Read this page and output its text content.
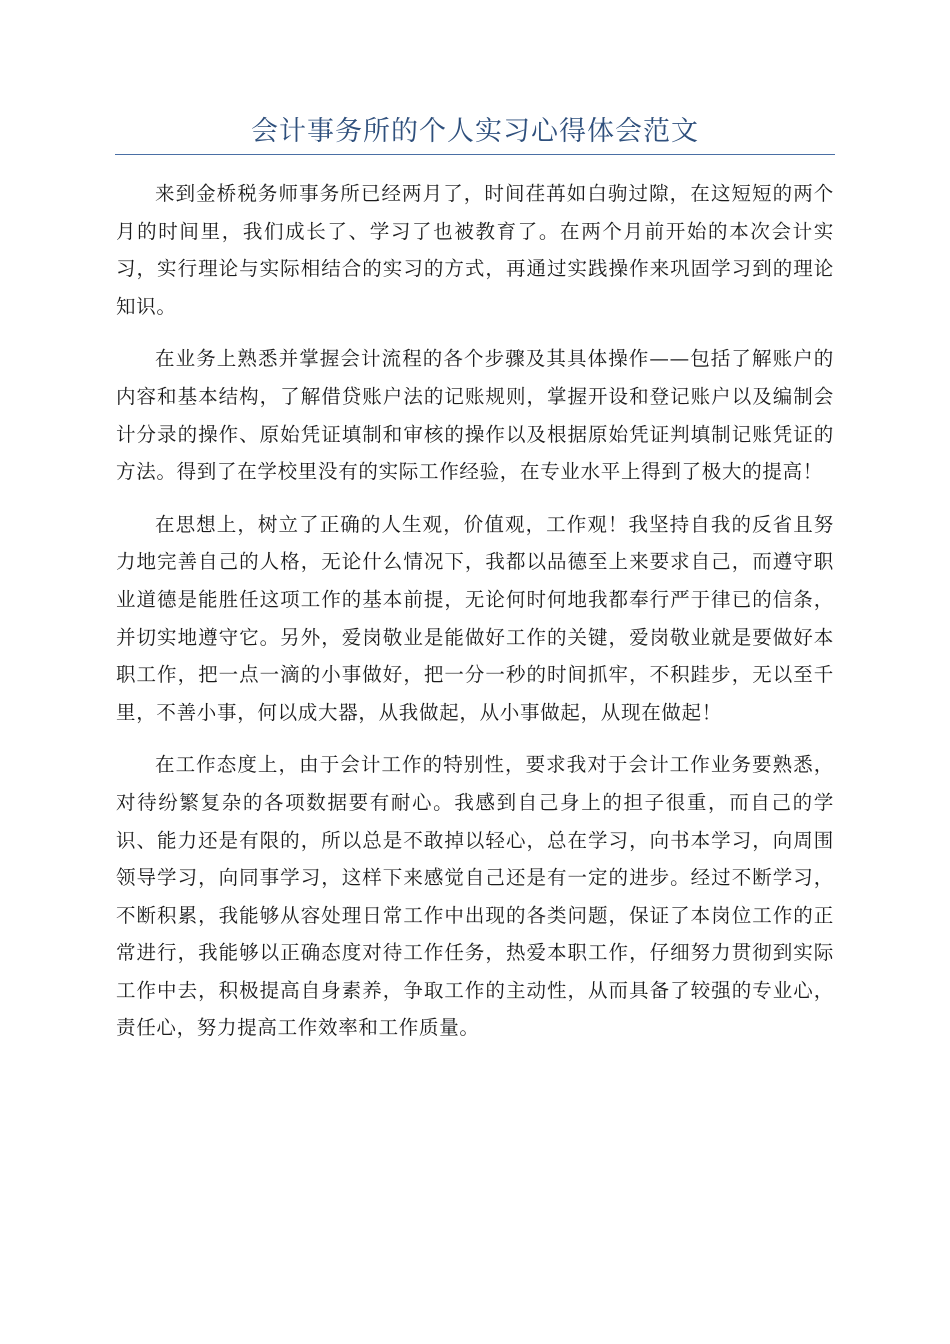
会计事务所的个人实习心得体会范文

来到金桥税务师事务所已经两月了，时间荏苒如白驹过隙，在这短短的两个月的时间里，我们成长了、学习了也被教育了。在两个月前开始的本次会计实习，实行理论与实际相结合的实习的方式，再通过实践操作来巩固学习到的理论知识。

在业务上熟悉并掌握会计流程的各个步骤及其具体操作——包括了解账户的内容和基本结构，了解借贷账户法的记账规则，掌握开设和登记账户以及编制会计分录的操作、原始凭证填制和审核的操作以及根据原始凭证判填制记账凭证的方法。得到了在学校里没有的实际工作经验，在专业水平上得到了极大的提高！

在思想上，树立了正确的人生观，价值观，工作观！我坚持自我的反省且努力地完善自己的人格，无论什么情况下，我都以品德至上来要求自己，而遵守职业道德是能胜任这项工作的基本前提，无论何时何地我都奉行严于律已的信条，并切实地遵守它。另外，爱岗敬业是能做好工作的关键，爱岗敬业就是要做好本职工作，把一点一滴的小事做好，把一分一秒的时间抓牢，不积跬步，无以至千里，不善小事，何以成大器，从我做起，从小事做起，从现在做起！

在工作态度上，由于会计工作的特别性，要求我对于会计工作业务要熟悉，对待纷繁复杂的各项数据要有耐心。我感到自己身上的担子很重，而自己的学识、能力还是有限的，所以总是不敢掉以轻心，总在学习，向书本学习，向周围领导学习，向同事学习，这样下来感觉自己还是有一定的进步。经过不断学习，不断积累，我能够从容处理日常工作中出现的各类问题，保证了本岗位工作的正常进行，我能够以正确态度对待工作任务，热爱本职工作，仔细努力贯彻到实际工作中去，积极提高自身素养，争取工作的主动性，从而具备了较强的专业心，责任心，努力提高工作效率和工作质量。
